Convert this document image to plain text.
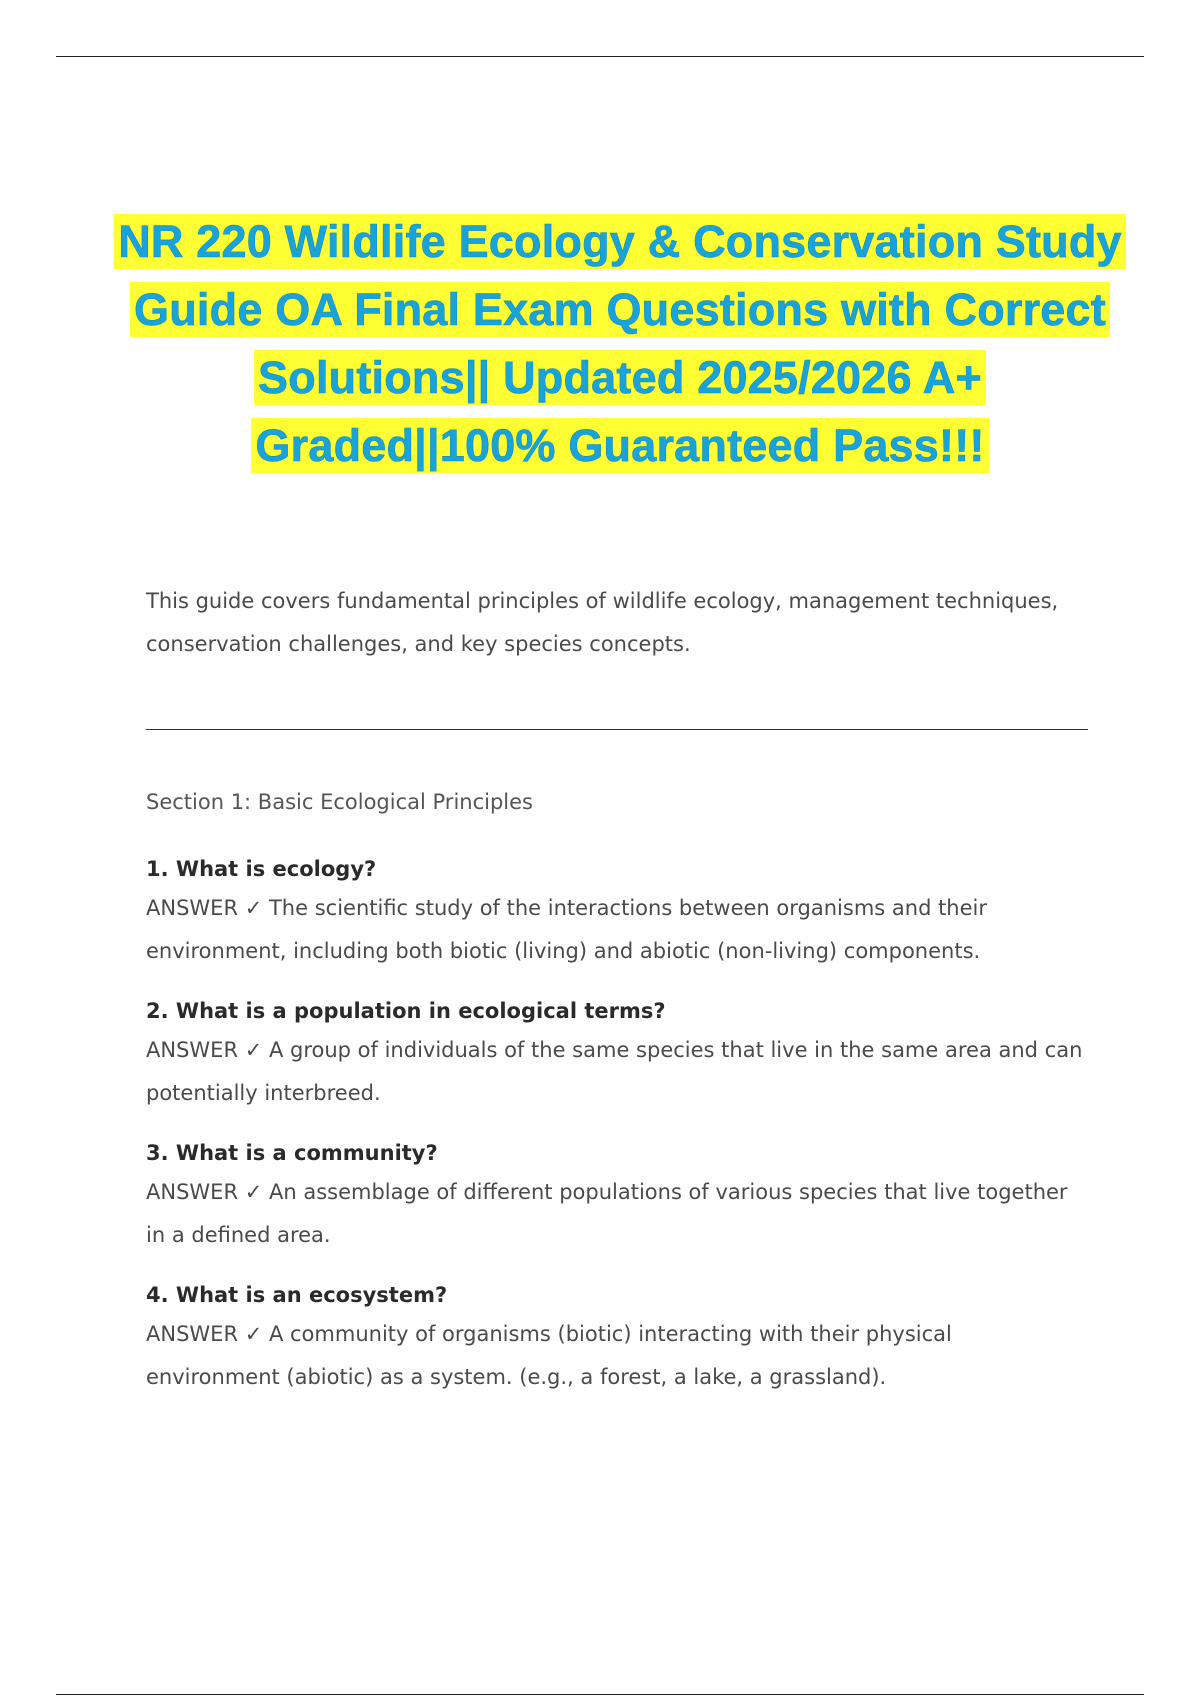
NR 220 Wildlife Ecology & Conservation Study Guide OA Final Exam Questions with Correct Solutions|| Updated 2025/2026 A+ Graded||100% Guaranteed Pass!!!

This guide covers fundamental principles of wildlife ecology, management techniques, conservation challenges, and key species concepts.

Section 1: Basic Ecological Principles

1. What is ecology?

ANSWER ✓ The scientific study of the interactions between organisms and their environment, including both biotic (living) and abiotic (non-living) components.

2. What is a population in ecological terms?

ANSWER ✓ A group of individuals of the same species that live in the same area and can potentially interbreed.

3. What is a community?

ANSWER ✓ An assemblage of different populations of various species that live together in a defined area.

4. What is an ecosystem?

ANSWER ✓ A community of organisms (biotic) interacting with their physical environment (abiotic) as a system. (e.g., a forest, a lake, a grassland).
